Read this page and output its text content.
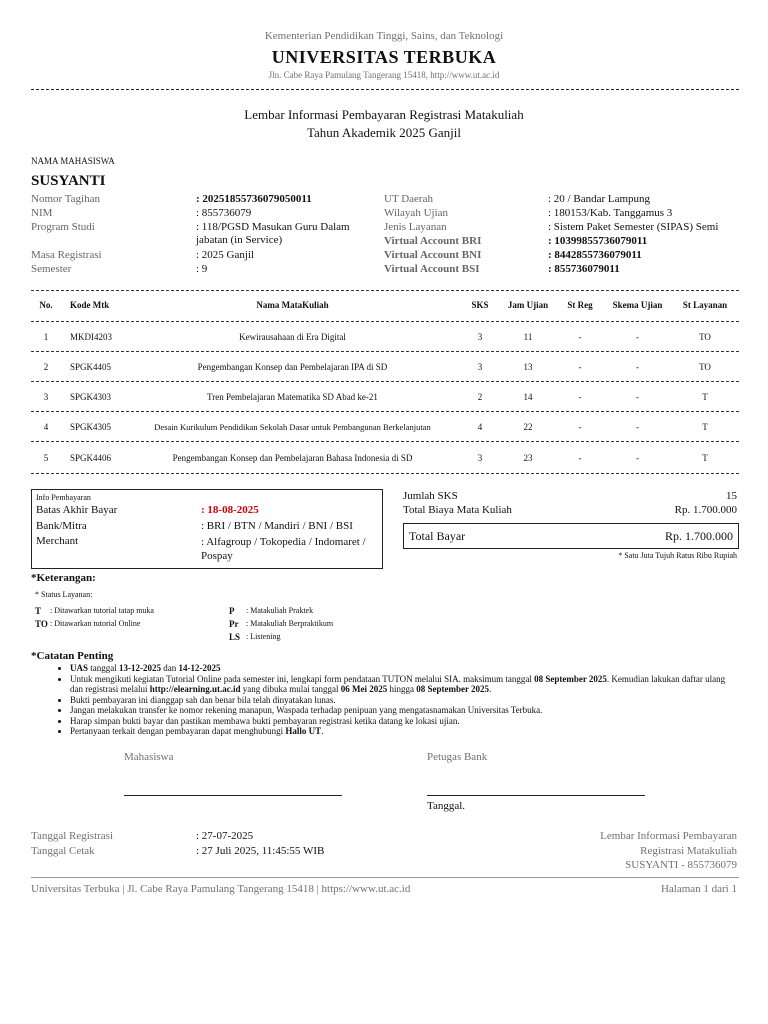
Kementerian Pendidikan Tinggi, Sains, dan Teknologi
UNIVERSITAS TERBUKA
Jln. Cabe Raya Pamulang Tangerang 15418, http://www.ut.ac.id
Lembar Informasi Pembayaran Registrasi Matakuliah
Tahun Akademik 2025 Ganjil
NAMA MAHASISWA
SUSYANTI
Nomor Tagihan	: 20251855736079050011
NIM	: 855736079
Program Studi	: 118/PGSD Masukan Guru Dalam jabatan (in Service)
Masa Registrasi	: 2025 Ganjil
Semester	: 9
UT Daerah	: 20 / Bandar Lampung
Wilayah Ujian	: 180153/Kab. Tanggamus 3
Jenis Layanan	: Sistem Paket Semester (SIPAS) Semi
Virtual Account BRI	: 10399855736079011
Virtual Account BNI	: 8442855736079011
Virtual Account BSI	: 855736079011
No.	Kode Mtk	Nama MataKuliah	SKS	Jam Ujian	St Reg	Skema Ujian	St Layanan
1	MKDI4203	Kewirausahaan di Era Digital	3	11	-	-	TO
2	SPGK4405	Pengembangan Konsep dan Pembelajaran IPA di SD	3	13	-	-	TO
3	SPGK4303	Tren Pembelajaran Matematika SD Abad ke-21	2	14	-	-	T
4	SPGK4305	Desain Kurikulum Pendidikan Sekolah Dasar untuk Pembangunan Berkelanjutan	4	22	-	-	T
5	SPGK4406	Pengembangan Konsep dan Pembelajaran Bahasa Indonesia di SD	3	23	-	-	T
Info Pembayaran
Batas Akhir Bayar	: 18-08-2025
Bank/Mitra	: BRI / BTN / Mandiri / BNI / BSI
Merchant	: Alfagroup / Tokopedia / Indomaret / Pospay
Jumlah SKS	15
Total Biaya Mata Kuliah	Rp. 1.700.000
Total Bayar	Rp. 1.700.000
* Satu Juta Tujuh Ratus Ribu Rupiah
*Keterangan:
* Status Layanan:
T : Ditawarkan tutorial tatap muka
TO : Ditawarkan tutorial Online
P : Matakuliah Praktek
Pr : Matakuliah Berpraktikum
LS : Listening
*Catatan Penting
• UAS tanggal 13-12-2025 dan 14-12-2025
• Untuk mengikuti kegiatan Tutorial Online pada semester ini, lengkapi form pendataan TUTON melalui SIA. maksimum tanggal 08 September 2025. Kemudian lakukan daftar ulang dan registrasi melalui http://elearning.ut.ac.id yang dibuka mulai tanggal 06 Mei 2025 hingga 08 September 2025.
• Bukti pembayaran ini dianggap sah dan benar bila telah dinyatakan lunas.
• Jangan melakukan transfer ke nomor rekening manapun, Waspada terhadap penipuan yang mengatasnamakan Universitas Terbuka.
• Harap simpan bukti bayar dan pastikan membawa bukti pembayaran registrasi ketika datang ke lokasi ujian.
• Pertanyaan terkait dengan pembayaran dapat menghubungi Hallo UT.
Mahasiswa	Petugas Bank
Tanggal.
Tanggal Registrasi	: 27-07-2025
Tanggal Cetak	: 27 Juli 2025, 11:45:55 WIB
Lembar Informasi Pembayaran
Registrasi Matakuliah
SUSYANTI - 855736079
Universitas Terbuka | Jl. Cabe Raya Pamulang Tangerang 15418 | https://www.ut.ac.id	Halaman 1 dari 1
